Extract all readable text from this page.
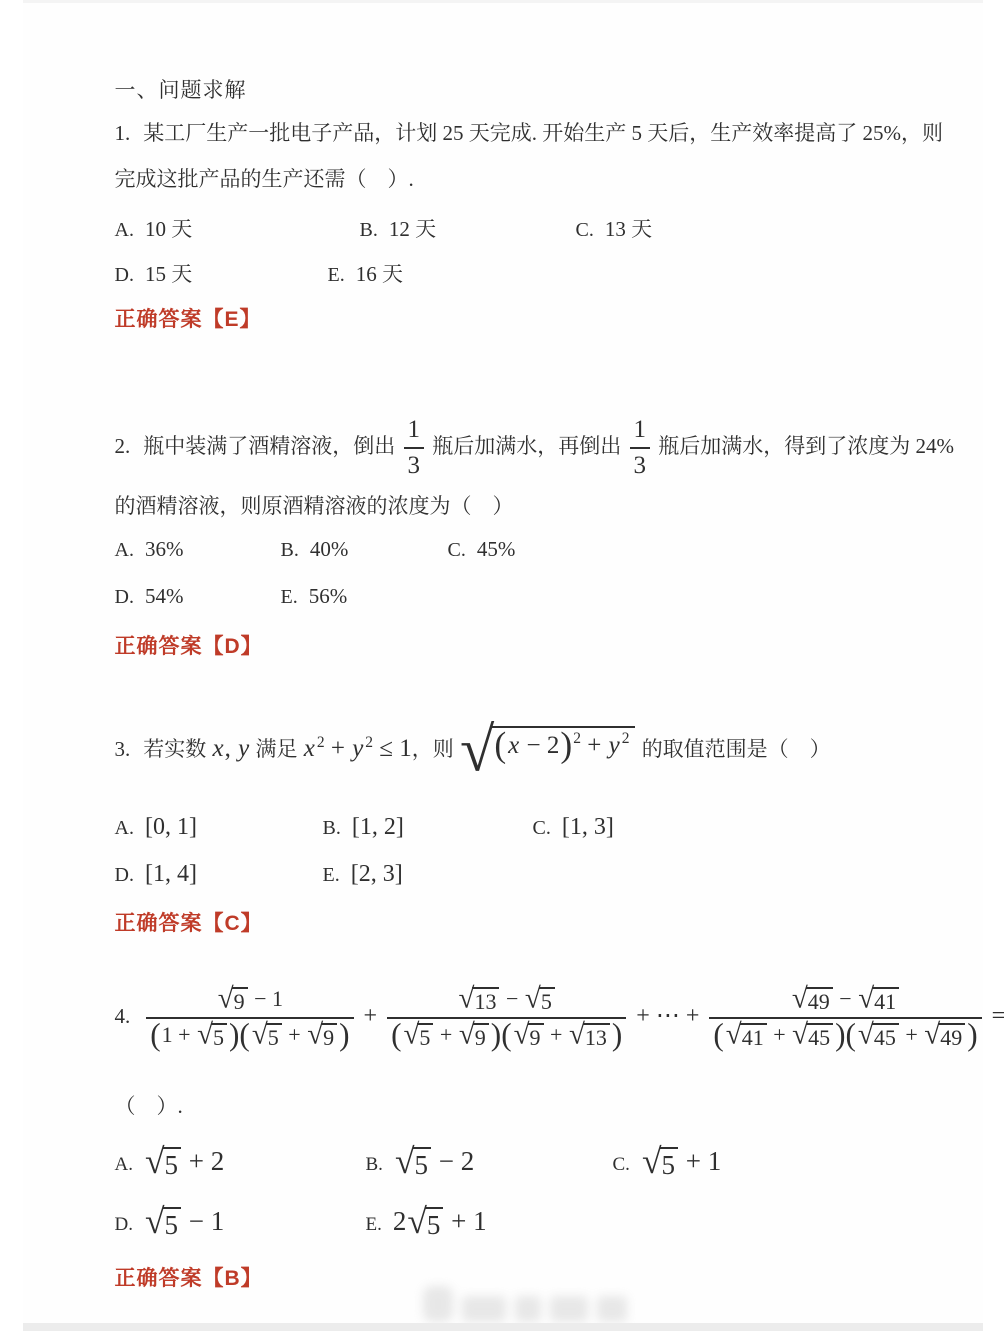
一、问题求解
1. 某工厂生产一批电子产品，计划 25 天完成. 开始生产 5 天后，生产效率提高了 25%，则
完成这批产品的生产还需（　）.
A. 10 天	B. 12 天	C. 13 天
D. 15 天	E. 16 天
正确答案【E】
2. 瓶中装满了酒精溶液，倒出 $\frac{1}{3}$ 瓶后加满水，再倒出 $\frac{1}{3}$ 瓶后加满水，得到了浓度为 24%
的酒精溶液，则原酒精溶液的浓度为（　）
A. 36%	B. 40%	C. 45%
D. 54%	E. 56%
正确答案【D】
3. 若实数 x, y 满足 x $^2$ + y $^2$ ≤ 1，则 √ $(x - 2)^2 + y$ $^2$ 的取值范围是（　）
A. [0, 1]	B. [1, 2]	C. [1, 3]
D. [1, 4]	E. [2, 3]
正确答案【C】
4. $\frac{√ 9 - 1}{(1 + √ 5 )( √ 5 + √ 9 )} + \frac{√ 13 - √ 5}{( √ 5 + √ 9 )( √ 9 + √ 13 )}$ + ⋯ + $\frac{√ 49 - √ 41}{( √ 41 + √ 45 )( √ 45 + √ 49 )}$ =
（　）.
A. √ 5 + 2	B. √ 5 − 2	C. √ 5 + 1
D. √ 5 − 1	E. 2 √ 5 + 1
正确答案【B】
